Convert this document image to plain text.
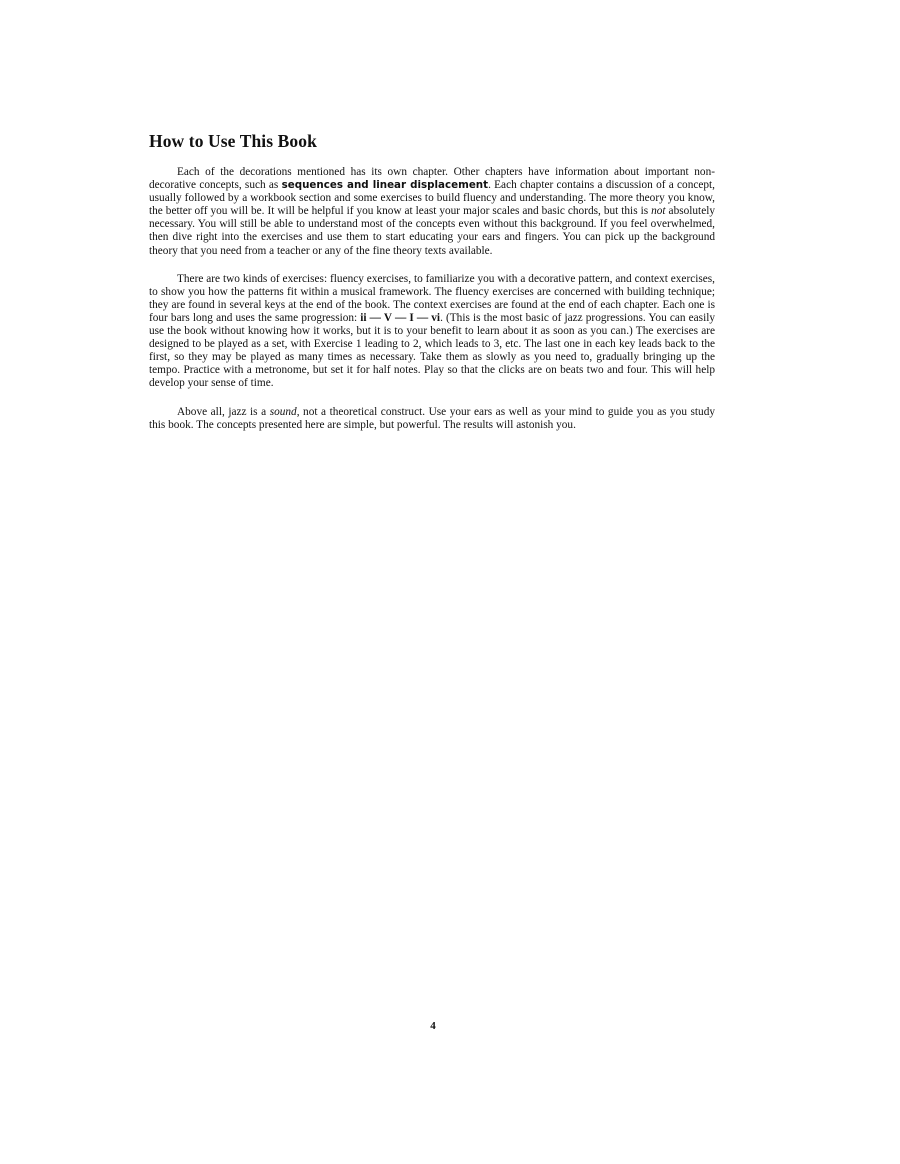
How to Use This Book

Each of the decorations mentioned has its own chapter. Other chapters have information about important non-decorative concepts, such as sequences and linear displacement. Each chapter contains a discussion of a concept, usually followed by a workbook section and some exercises to build fluency and understanding. The more theory you know, the better off you will be. It will be helpful if you know at least your major scales and basic chords, but this is not absolutely necessary. You will still be able to understand most of the concepts even without this background. If you feel overwhelmed, then dive right into the exercises and use them to start educating your ears and fingers. You can pick up the background theory that you need from a teacher or any of the fine theory texts available.

There are two kinds of exercises: fluency exercises, to familiarize you with a decorative pattern, and context exercises, to show you how the patterns fit within a musical framework. The fluency exercises are concerned with building technique; they are found in several keys at the end of the book. The context exercises are found at the end of each chapter. Each one is four bars long and uses the same progression: ii — V — I — vi. (This is the most basic of jazz progressions. You can easily use the book without knowing how it works, but it is to your benefit to learn about it as soon as you can.) The exercises are designed to be played as a set, with Exercise 1 leading to 2, which leads to 3, etc. The last one in each key leads back to the first, so they may be played as many times as necessary. Take them as slowly as you need to, gradually bringing up the tempo. Practice with a metronome, but set it for half notes. Play so that the clicks are on beats two and four. This will help develop your sense of time.

Above all, jazz is a sound, not a theoretical construct. Use your ears as well as your mind to guide you as you study this book. The concepts presented here are simple, but powerful. The results will astonish you.

4
